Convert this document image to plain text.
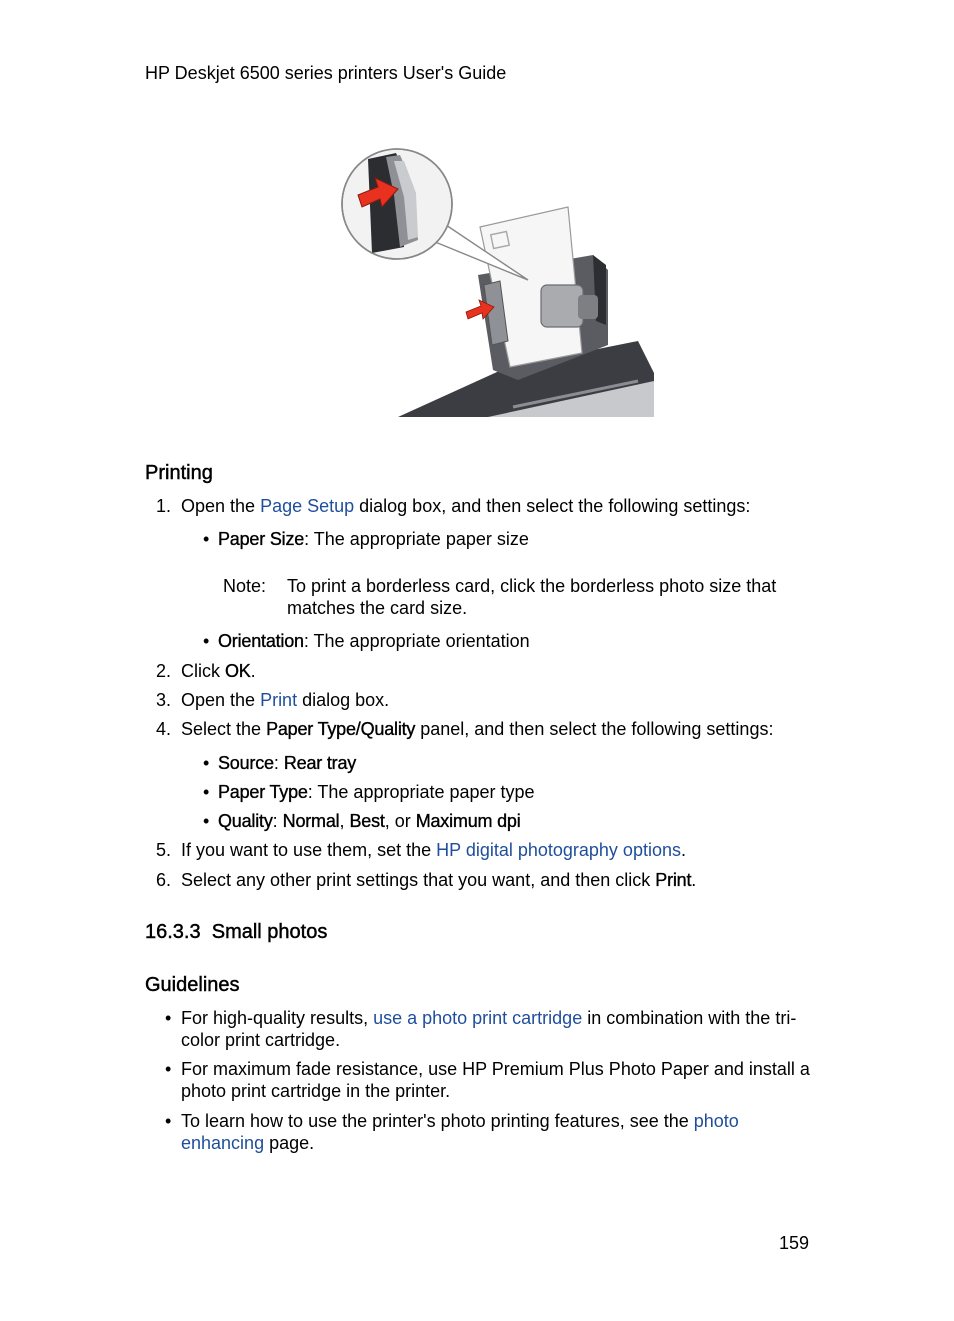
HP Deskjet 6500 series printers User's Guide
Printing
1. Open the Page Setup dialog box, and then select the following settings:
• Paper Size: The appropriate paper size
Note: To print a borderless card, click the borderless photo size that matches the card size.
• Orientation: The appropriate orientation
2. Click OK.
3. Open the Print dialog box.
4. Select the Paper Type/Quality panel, and then select the following settings:
• Source: Rear tray
• Paper Type: The appropriate paper type
• Quality: Normal, Best, or Maximum dpi
5. If you want to use them, set the HP digital photography options.
6. Select any other print settings that you want, and then click Print.
16.3.3 Small photos
Guidelines
• For high-quality results, use a photo print cartridge in combination with the tri-color print cartridge.
• For maximum fade resistance, use HP Premium Plus Photo Paper and install a photo print cartridge in the printer.
• To learn how to use the printer's photo printing features, see the photo enhancing page.
159
